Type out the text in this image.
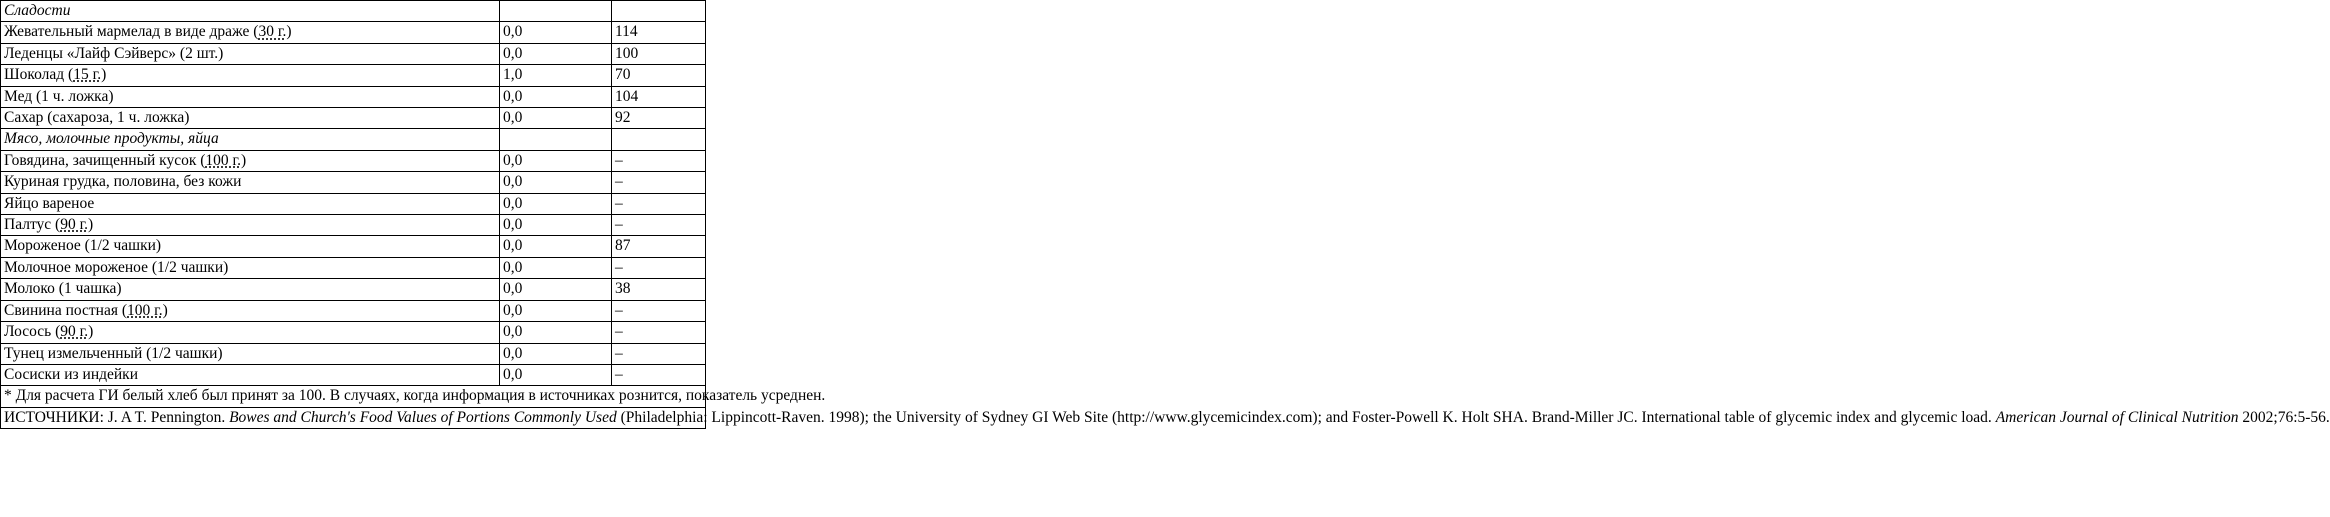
Сладости		
Жевательный мармелад в виде драже (30 г.)	0,0	114
Леденцы «Лайф Сэйверс» (2 шт.)	0,0	100
Шоколад (15 г.)	1,0	70
Мед (1 ч. ложка)	0,0	104
Сахар (сахароза, 1 ч. ложка)	0,0	92
Мясо, молочные продукты, яйца		
Говядина, зачищенный кусок (100 г.)	0,0	–
Куриная грудка, половина, без кожи	0,0	–
Яйцо вареное	0,0	–
Палтус (90 г.)	0,0	–
Мороженое (1/2 чашки)	0,0	87
Молочное мороженое (1/2 чашки)	0,0	–
Молоко (1 чашка)	0,0	38
Свинина постная (100 г.)	0,0	–
Лосось (90 г.)	0,0	–
Тунец измельченный (1/2 чашки)	0,0	–
Сосиски из индейки	0,0	–
* Для расчета ГИ белый хлеб был принят за 100. В случаях, когда информация в источниках рознится, показатель усреднен.		
ИСТОЧНИКИ: J. A T. Pennington. Bowes and Church's Food Values of Portions Commonly Used (Philadelphia: Lippincott-Raven. 1998); the University of Sydney GI Web Site (http://www.glycemicindex.com); and Foster-Powell K. Holt SHA. Brand-Miller JC. International table of glycemic index and glycemic load. American Journal of Clinical Nutrition 2002;76:5-56.		
